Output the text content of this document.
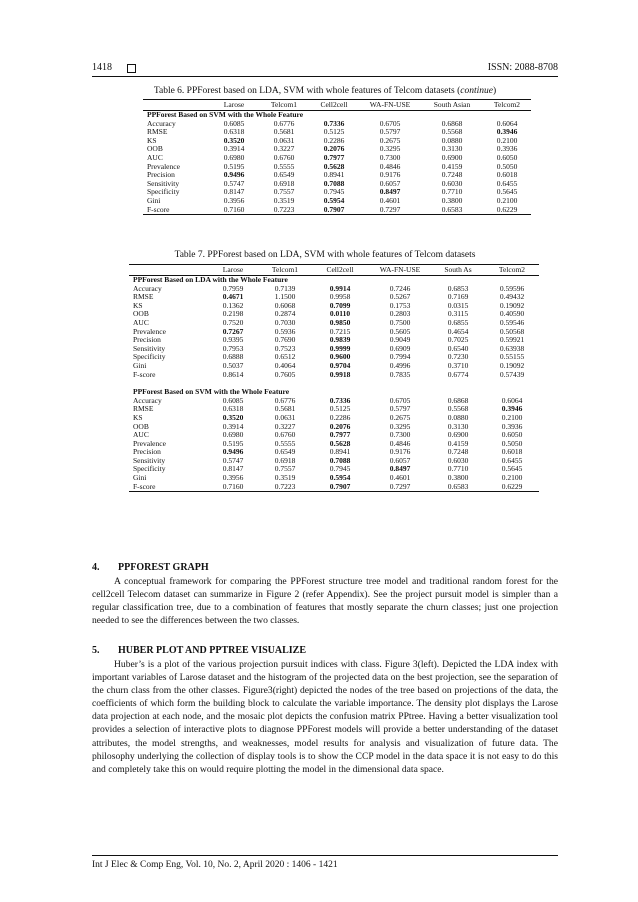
1418	ISSN: 2088-8708
Table 6. PPForest based on LDA, SVM with whole features of Telcom datasets (continue)
	Larose	Telcom1	Cell2cell	WA-FN-USE	South Asian	Telcom2
PPForest Based on SVM with the Whole Feature						
Accuracy	0.6085	0.6776	0.7336	0.6705	0.6868	0.6064
RMSE	0.6318	0.5681	0.5125	0.5797	0.5568	0.3946
KS	0.3520	0.0631	0.2286	0.2675	0.0880	0.2100
OOB	0.3914	0.3227	0.2076	0.3295	0.3130	0.3936
AUC	0.6980	0.6760	0.7977	0.7300	0.6900	0.6050
Prevalence	0.5195	0.5555	0.5628	0.4846	0.4159	0.5050
Precision	0.9496	0.6549	0.8941	0.9176	0.7248	0.6018
Sensitivity	0.5747	0.6918	0.7088	0.6057	0.6030	0.6455
Specificity	0.8147	0.7557	0.7945	0.8497	0.7710	0.5645
Gini	0.3956	0.3519	0.5954	0.4601	0.3800	0.2100
F-score	0.7160	0.7223	0.7907	0.7297	0.6583	0.6229
Table 7. PPForest based on LDA, SVM with whole features of Telcom datasets
	Larose	Telcom1	Cell2cell	WA-FN-USE	South As	Telcom2
PPForest Based on LDA with the Whole Feature						
Accuracy	0.7959	0.7139	0.9914	0.7246	0.6853	0.59596
RMSE	0.4671	1.1500	0.9958	0.5267	0.7169	0.49432
KS	0.1362	0.6068	0.7099	0.1753	0.0315	0.19092
OOB	0.2198	0.2874	0.0110	0.2803	0.3115	0.40590
AUC	0.7520	0.7030	0.9850	0.7500	0.6855	0.59546
Prevalence	0.7267	0.5936	0.7215	0.5605	0.4654	0.50568
Precision	0.9395	0.7690	0.9839	0.9049	0.7025	0.59921
Sensitivity	0.7953	0.7523	0.9999	0.6909	0.6540	0.63938
Specificity	0.6888	0.6512	0.9600	0.7994	0.7230	0.55155
Gini	0.5037	0.4064	0.9704	0.4996	0.3710	0.19092
F-score	0.8614	0.7605	0.9918	0.7835	0.6774	0.57439

PPForest Based on SVM with the Whole Feature						
Accuracy	0.6085	0.6776	0.7336	0.6705	0.6868	0.6064
RMSE	0.6318	0.5681	0.5125	0.5797	0.5568	0.3946
KS	0.3520	0.0631	0.2286	0.2675	0.0880	0.2100
OOB	0.3914	0.3227	0.2076	0.3295	0.3130	0.3936
AUC	0.6980	0.6760	0.7977	0.7300	0.6900	0.6050
Prevalence	0.5195	0.5555	0.5628	0.4846	0.4159	0.5050
Precision	0.9496	0.6549	0.8941	0.9176	0.7248	0.6018
Sensitivity	0.5747	0.6918	0.7088	0.6057	0.6030	0.6455
Specificity	0.8147	0.7557	0.7945	0.8497	0.7710	0.5645
Gini	0.3956	0.3519	0.5954	0.4601	0.3800	0.2100
F-score	0.7160	0.7223	0.7907	0.7297	0.6583	0.6229
4. PPFOREST GRAPH

A conceptual framework for comparing the PPForest structure tree model and traditional random forest for the cell2cell Telecom dataset can summarize in Figure 2 (refer Appendix). See the project pursuit model is simpler than a regular classification tree, due to a combination of features that mostly separate the churn classes; just one projection needed to see the differences between the two classes.

5. HUBER PLOT AND PPTREE VISUALIZE

Huber’s is a plot of the various projection pursuit indices with class. Figure 3(left). Depicted the LDA index with important variables of Larose dataset and the histogram of the projected data on the best projection, see the separation of the churn class from the other classes. Figure3(right) depicted the nodes of the tree based on projections of the data, the coefficients of which form the building block to calculate the variable importance. The density plot displays the Larose data projection at each node, and the mosaic plot depicts the confusion matrix PPtree. Having a better visualization tool provides a selection of interactive plots to diagnose PPForest models will provide a better understanding of the dataset attributes, the model strengths, and weaknesses, model results for analysis and visualization of future data. The philosophy underlying the collection of display tools is to show the CCP model in the data space it is not easy to do this and completely take this on would require plotting the model in the dimensional data space.

Int J Elec & Comp Eng, Vol. 10, No. 2, April 2020 : 1406 - 1421
